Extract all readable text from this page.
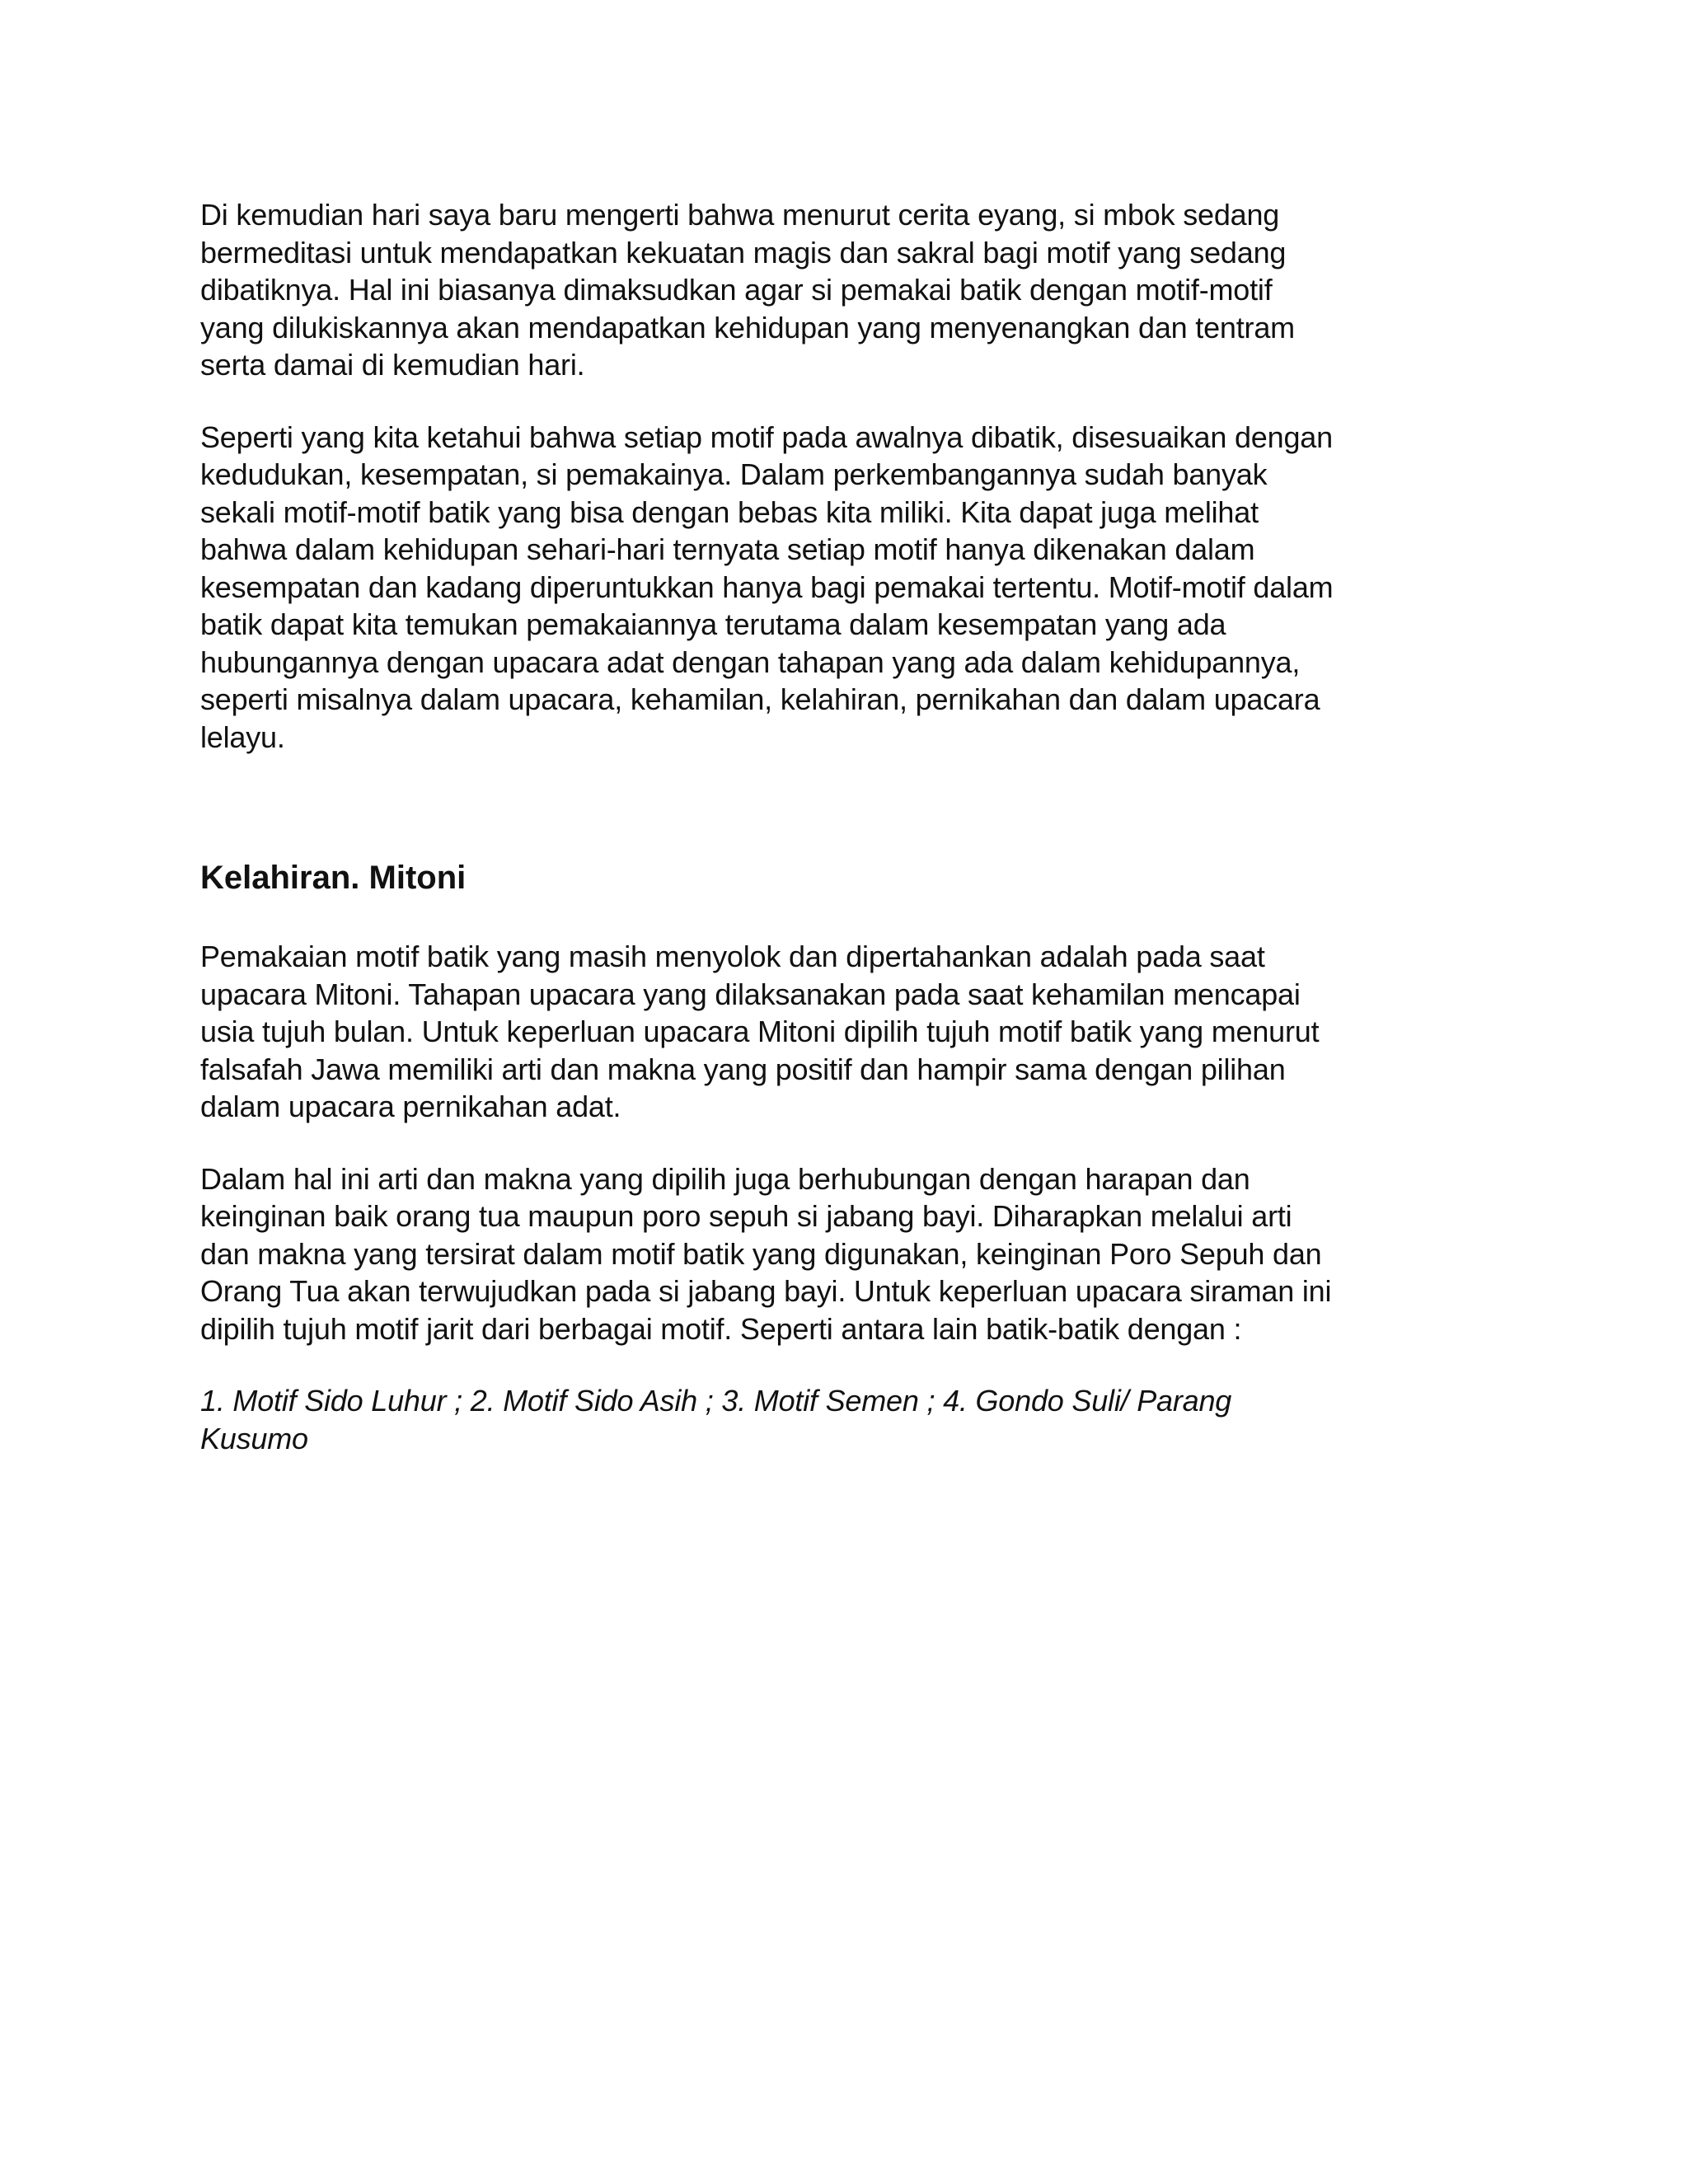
Di kemudian hari saya baru mengerti bahwa menurut cerita eyang, si mbok sedang
bermeditasi untuk mendapatkan kekuatan magis dan sakral bagi motif yang sedang
dibatiknya. Hal ini biasanya dimaksudkan agar si pemakai batik dengan motif-motif
yang dilukiskannya akan mendapatkan kehidupan yang menyenangkan dan tentram
serta damai di kemudian hari.

Seperti yang kita ketahui bahwa setiap motif pada awalnya dibatik, disesuaikan dengan
kedudukan, kesempatan, si pemakainya. Dalam perkembangannya sudah banyak
sekali motif-motif batik yang bisa dengan bebas kita miliki. Kita dapat juga melihat
bahwa dalam kehidupan sehari-hari ternyata setiap motif hanya dikenakan dalam
kesempatan dan kadang diperuntukkan hanya bagi pemakai tertentu. Motif-motif dalam
batik dapat kita temukan pemakaiannya terutama dalam kesempatan yang ada
hubungannya dengan upacara adat dengan tahapan yang ada dalam kehidupannya,
seperti misalnya dalam upacara, kehamilan, kelahiran, pernikahan dan dalam upacara
lelayu.

Kelahiran. Mitoni

Pemakaian motif batik yang masih menyolok dan dipertahankan adalah pada saat
upacara Mitoni. Tahapan upacara yang dilaksanakan pada saat kehamilan mencapai
usia tujuh bulan. Untuk keperluan upacara Mitoni dipilih tujuh motif batik yang menurut
falsafah Jawa memiliki arti dan makna yang positif dan hampir sama dengan pilihan
dalam upacara pernikahan adat.

Dalam hal ini arti dan makna yang dipilih juga berhubungan dengan harapan dan
keinginan baik orang tua maupun poro sepuh si jabang bayi. Diharapkan melalui arti
dan makna yang tersirat dalam motif batik yang digunakan, keinginan Poro Sepuh dan
Orang Tua akan terwujudkan pada si jabang bayi. Untuk keperluan upacara siraman ini
dipilih tujuh motif jarit dari berbagai motif. Seperti antara lain batik-batik dengan :

1. Motif Sido Luhur ; 2. Motif Sido Asih ; 3. Motif Semen ; 4. Gondo Suli/ Parang
Kusumo
